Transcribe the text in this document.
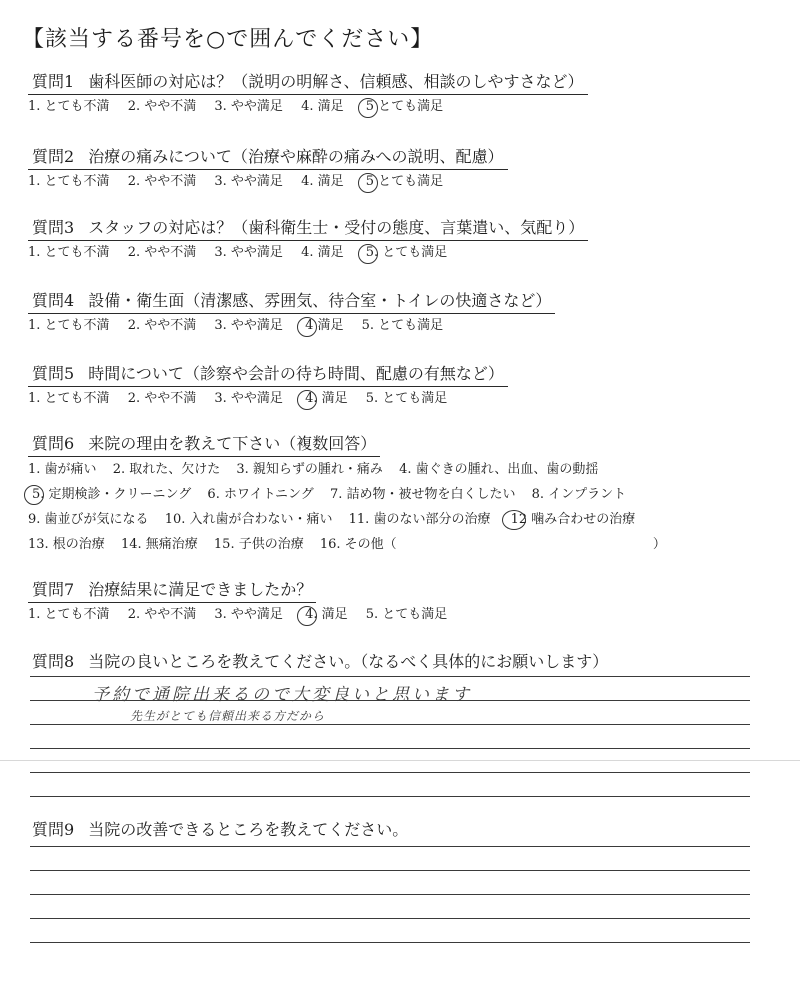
【該当する番号を○で囲んでください】
質問1 歯科医師の対応は？（説明の明解さ、信頼感、相談のしやすさなど）
1. とても不満 2. やや不満 3. やや満足 4. 満足 5 とても満足
質問2 治療の痛みについて（治療や麻酔の痛みへの説明、配慮）
1. とても不満 2. やや不満 3. やや満足 4. 満足 5 とても満足
質問3 スタッフの対応は？（歯科衛生士・受付の態度、言葉遣い、気配り）
1. とても不満 2. やや不満 3. やや満足 4. 満足 5. とても満足
質問4 設備・衛生面（清潔感、雰囲気、待合室・トイレの快適さなど）
1. とても不満 2. やや不満 3. やや満足 4 満足 5. とても満足
質問5 時間について（診察や会計の待ち時間、配慮の有無など）
1. とても不満 2. やや不満 3. やや満足 4. 満足 5. とても満足
質問6 来院の理由を教えて下さい（複数回答）
1. 歯が痛い 2. 取れた、欠けた 3. 親知らずの腫れ・痛み 4. 歯ぐきの腫れ、出血、歯の動揺
5. 定期検診・クリーニング 6. ホワイトニング 7. 詰め物・被せ物を白くしたい 8. インプラント
9. 歯並びが気になる 10. 入れ歯が合わない・痛い 11. 歯のない部分の治療 12 噛み合わせの治療
13. 根の治療 14. 無痛治療 15. 子供の治療 16. その他（	）
質問7 治療結果に満足できましたか？
1. とても不満 2. やや不満 3. やや満足 4. 満足 5. とても満足
質問8 当院の良いところを教えてください。（なるべく具体的にお願いします）
予約で通院出来るので大変良いと思います
先生がとても信頼出来る方だから
質問9 当院の改善できるところを教えてください。
